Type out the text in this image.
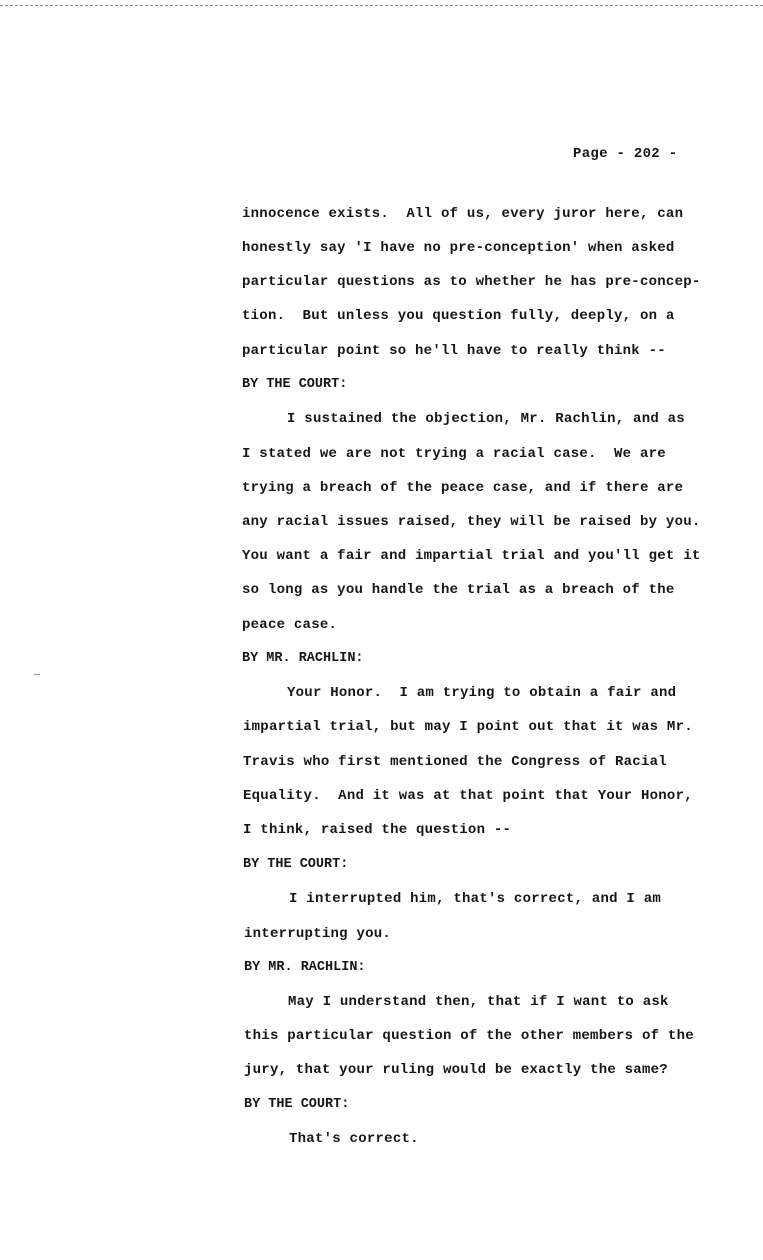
Page - 202 -
innocence exists.  All of us, every juror here, can
honestly say 'I have no pre-conception' when asked
particular questions as to whether he has pre-concep-
tion.  But unless you question fully, deeply, on a
particular point so he'll have to really think --
BY THE COURT:
I sustained the objection, Mr. Rachlin, and as
I stated we are not trying a racial case.  We are
trying a breach of the peace case, and if there are
any racial issues raised, they will be raised by you.
You want a fair and impartial trial and you'll get it
so long as you handle the trial as a breach of the
peace case.
BY MR. RACHLIN:
Your Honor.  I am trying to obtain a fair and
impartial trial, but may I point out that it was Mr.
Travis who first mentioned the Congress of Racial
Equality.  And it was at that point that Your Honor,
I think, raised the question --
BY THE COURT:
I interrupted him, that's correct, and I am
interrupting you.
BY MR. RACHLIN:
May I understand then, that if I want to ask
this particular question of the other members of the
jury, that your ruling would be exactly the same?
BY THE COURT:
That's correct.
